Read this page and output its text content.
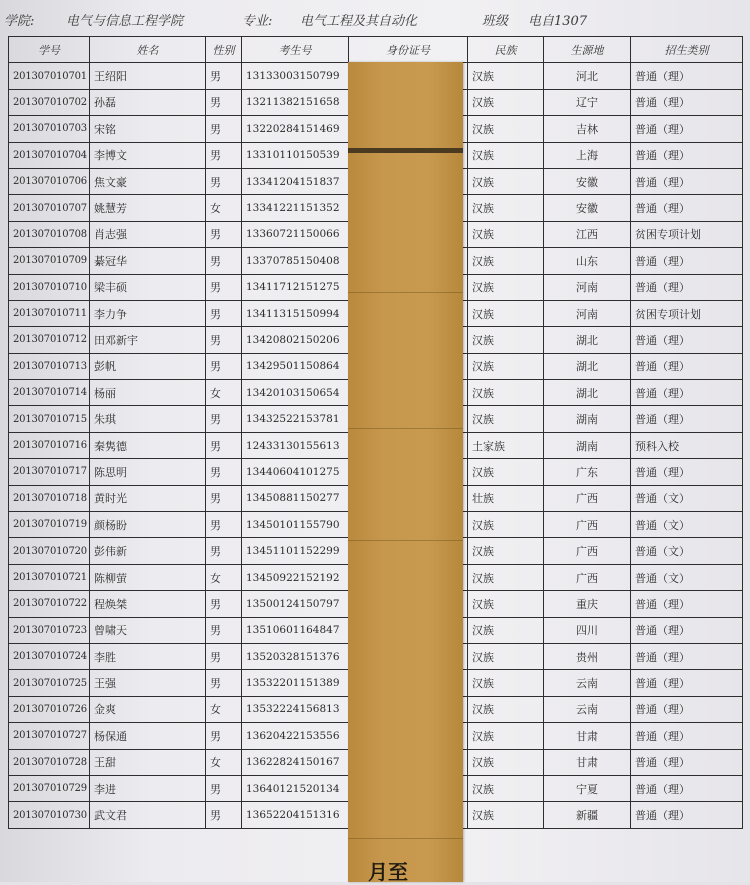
学院: 电气与信息工程学院	专业: 电气工程及其自动化	班级 电自1307
学号	姓名	性别	考生号	身份证号	民族	生源地	招生类别
201307010701	王绍阳	男	13133003150799		汉族	河北	普通（理）
201307010702	孙磊	男	13211382151658		汉族	辽宁	普通（理）
201307010703	宋铭	男	13220284151469		汉族	吉林	普通（理）
201307010704	李博文	男	13310110150539		汉族	上海	普通（理）
201307010706	焦文豪	男	13341204151837		汉族	安徽	普通（理）
201307010707	姚慧芳	女	13341221151352		汉族	安徽	普通（理）
201307010708	肖志强	男	13360721150066		汉族	江西	贫困专项计划
201307010709	綦冠华	男	13370785150408		汉族	山东	普通（理）
201307010710	梁丰硕	男	13411712151275		汉族	河南	普通（理）
201307010711	李力争	男	13411315150994		汉族	河南	贫困专项计划
201307010712	田邓新宇	男	13420802150206		汉族	湖北	普通（理）
201307010713	彭帆	男	13429501150864		汉族	湖北	普通（理）
201307010714	杨丽	女	13420103150654		汉族	湖北	普通（理）
201307010715	朱琪	男	13432522153781		汉族	湖南	普通（理）
201307010716	秦隽德	男	12433130155613		土家族	湖南	预科入校
201307010717	陈思明	男	13440604101275		汉族	广东	普通（理）
201307010718	黄时光	男	13450881150277		壮族	广西	普通（文）
201307010719	颜杨盼	男	13450101155790		汉族	广西	普通（文）
201307010720	彭伟新	男	13451101152299		汉族	广西	普通（文）
201307010721	陈柳萤	女	13450922152192		汉族	广西	普通（文）
201307010722	程焕桀	男	13500124150797		汉族	重庆	普通（理）
201307010723	曾啸天	男	13510601164847		汉族	四川	普通（理）
201307010724	李胜	男	13520328151376		汉族	贵州	普通（理）
201307010725	王强	男	13532201151389		汉族	云南	普通（理）
201307010726	金爽	女	13532224156813		汉族	云南	普通（理）
201307010727	杨保通	男	13620422153556		汉族	甘肃	普通（理）
201307010728	王甜	女	13622824150167		汉族	甘肃	普通（理）
201307010729	李进	男	13640121520134		汉族	宁夏	普通（理）
201307010730	武文君	男	13652204151316		汉族	新疆	普通（理）
月至
